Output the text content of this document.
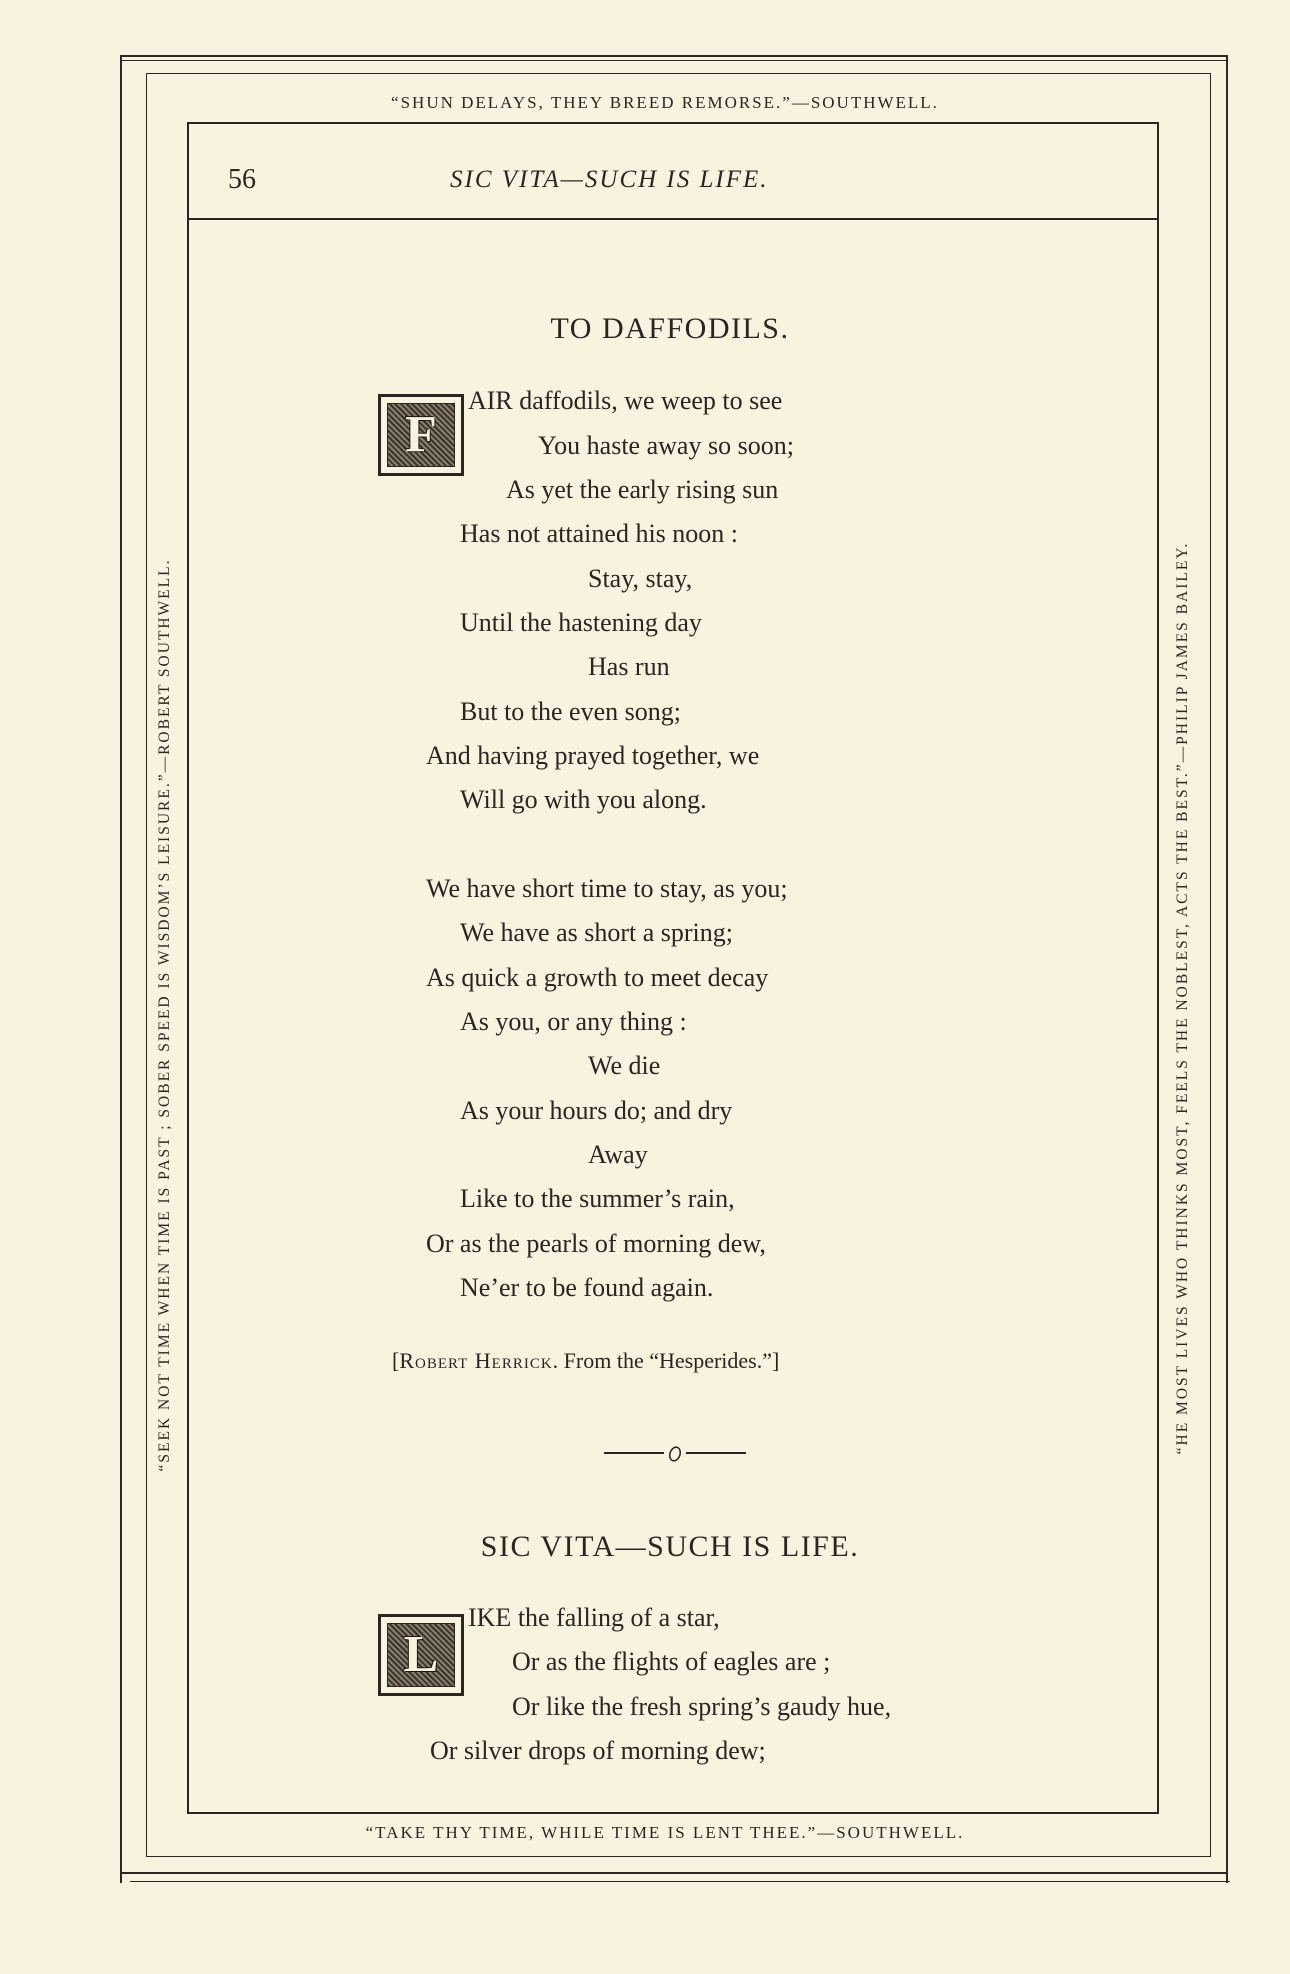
“SHUN DELAYS, THEY BREED REMORSE.”—SOUTHWELL.
“TAKE THY TIME, WHILE TIME IS LENT THEE.”—SOUTHWELL.
“SEEK NOT TIME WHEN TIME IS PAST ; SOBER SPEED IS WISDOM’S LEISURE.”—ROBERT SOUTHWELL.	“HE MOST LIVES WHO THINKS MOST, FEELS THE NOBLEST, ACTS THE BEST.”—PHILIP JAMES BAILEY.
56	SIC VITA—SUCH IS LIFE.
TO DAFFODILS.
F
AIR daffodils, we weep to see
You haste away so soon;
As yet the early rising sun
Has not attained his noon :
Stay, stay,
Until the hastening day
Has run
But to the even song;
And having prayed together, we
Will go with you along.
We have short time to stay, as you;
We have as short a spring;
As quick a growth to meet decay
As you, or any thing :
We die
As your hours do; and dry
Away
Like to the summer’s rain,
Or as the pearls of morning dew,
Ne’er to be found again.
[Robert Herrick. From the “Hesperides.”]
SIC VITA—SUCH IS LIFE.
L
IKE the falling of a star,
Or as the flights of eagles are ;
Or like the fresh spring’s gaudy hue,
Or silver drops of morning dew;
